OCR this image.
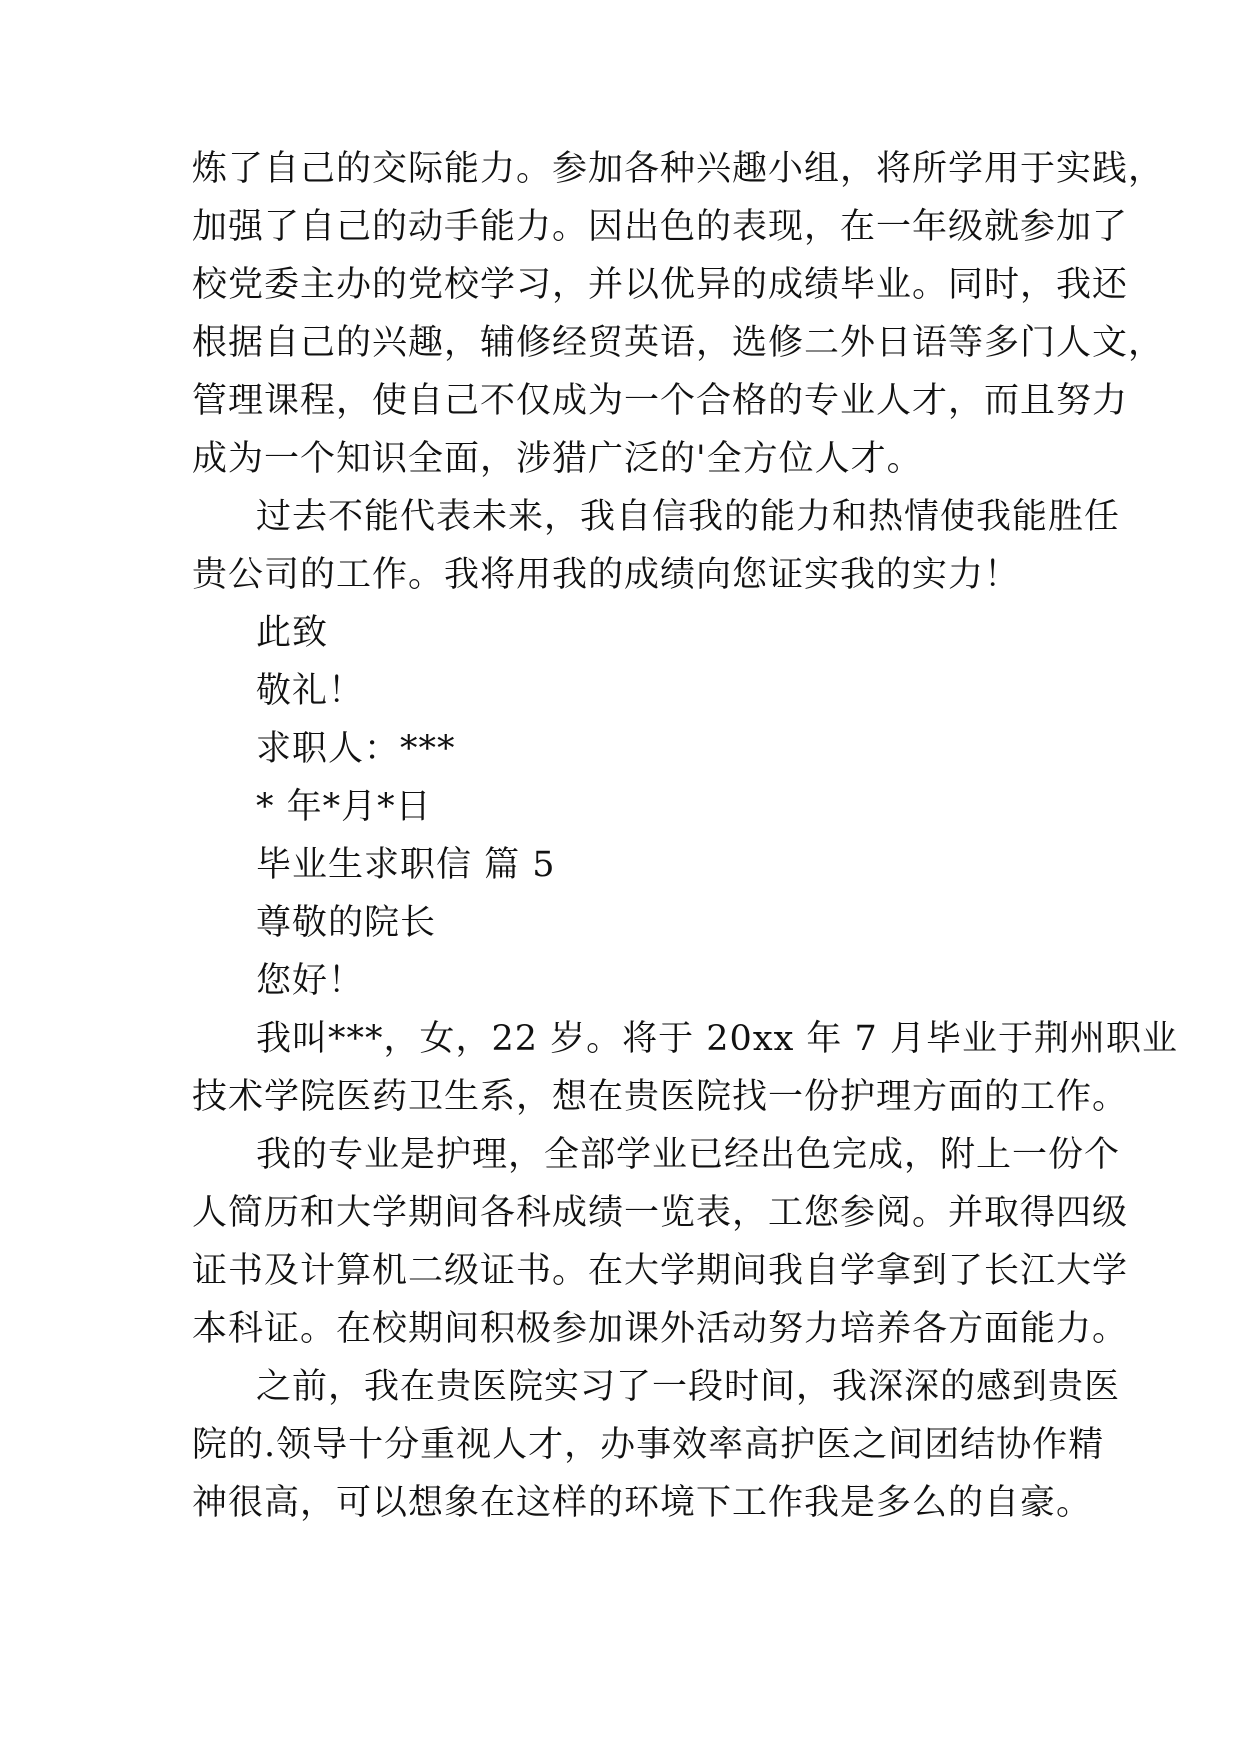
炼了自己的交际能力。参加各种兴趣小组，将所学用于实践，
加强了自己的动手能力。因出色的表现，在一年级就参加了
校党委主办的党校学习，并以优异的成绩毕业。同时，我还
根据自己的兴趣，辅修经贸英语，选修二外日语等多门人文，
管理课程，使自己不仅成为一个合格的专业人才，而且努力
成为一个知识全面，涉猎广泛的'全方位人才。
过去不能代表未来，我自信我的能力和热情使我能胜任
贵公司的工作。我将用我的成绩向您证实我的实力！
此致
敬礼！
求职人：***
* 年*月*日
毕业生求职信 篇 5
尊敬的院长
您好！
我叫***，女，22 岁。将于 20xx 年 7 月毕业于荆州职业
技术学院医药卫生系，想在贵医院找一份护理方面的工作。
我的专业是护理，全部学业已经出色完成，附上一份个
人简历和大学期间各科成绩一览表，工您参阅。并取得四级
证书及计算机二级证书。在大学期间我自学拿到了长江大学
本科证。在校期间积极参加课外活动努力培养各方面能力。
之前，我在贵医院实习了一段时间，我深深的感到贵医
院的.领导十分重视人才，办事效率高护医之间团结协作精
神很高，可以想象在这样的环境下工作我是多么的自豪。
